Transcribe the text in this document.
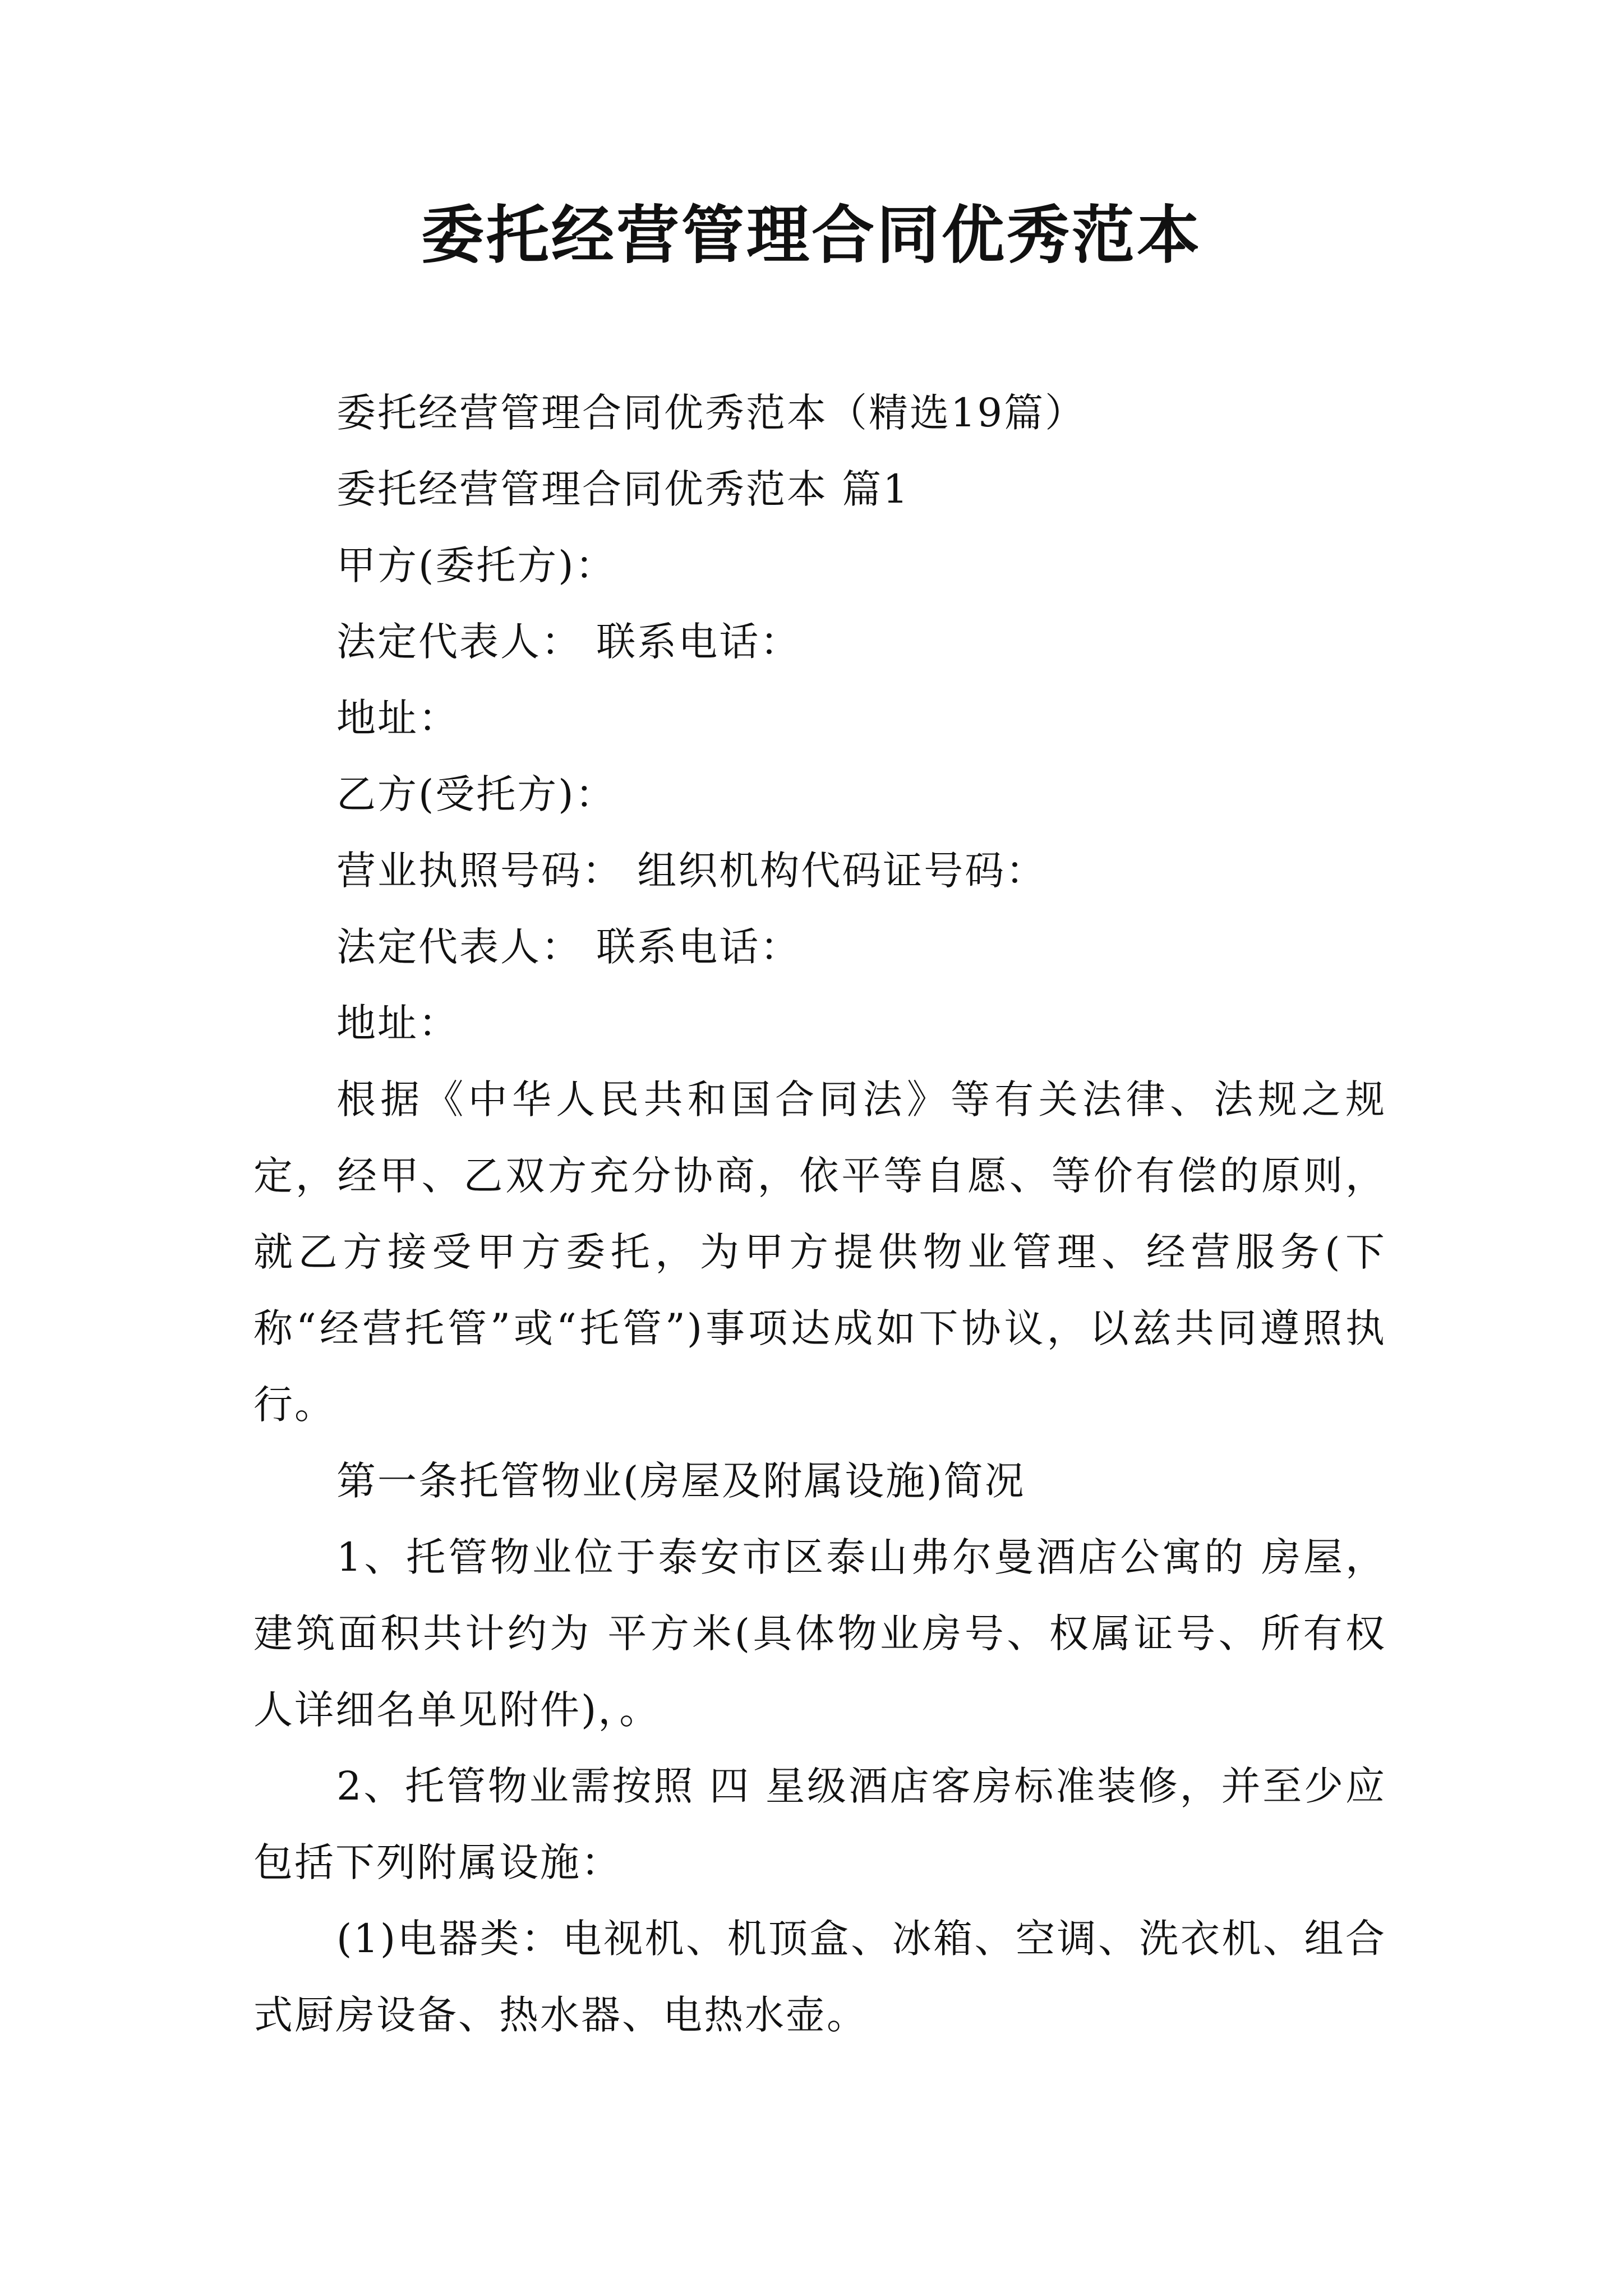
委托经营管理合同优秀范本

委托经营管理合同优秀范本（精选19篇）

委托经营管理合同优秀范本 篇1

甲方(委托方)：

法定代表人： 联系电话：

地址：

乙方(受托方)：

营业执照号码： 组织机构代码证号码：

法定代表人： 联系电话：

地址：

根据《中华人民共和国合同法》等有关法律、法规之规定，经甲、乙双方充分协商，依平等自愿、等价有偿的原则，就乙方接受甲方委托，为甲方提供物业管理、经营服务(下称“经营托管”或“托管”)事项达成如下协议，以兹共同遵照执行。

第一条托管物业(房屋及附属设施)简况

1、托管物业位于泰安市区泰山弗尔曼酒店公寓的 房屋，建筑面积共计约为 平方米(具体物业房号、权属证号、所有权人详细名单见附件)，。

2、托管物业需按照 四 星级酒店客房标准装修，并至少应包括下列附属设施：

(1)电器类：电视机、机顶盒、冰箱、空调、洗衣机、组合式厨房设备、热水器、电热水壶。
